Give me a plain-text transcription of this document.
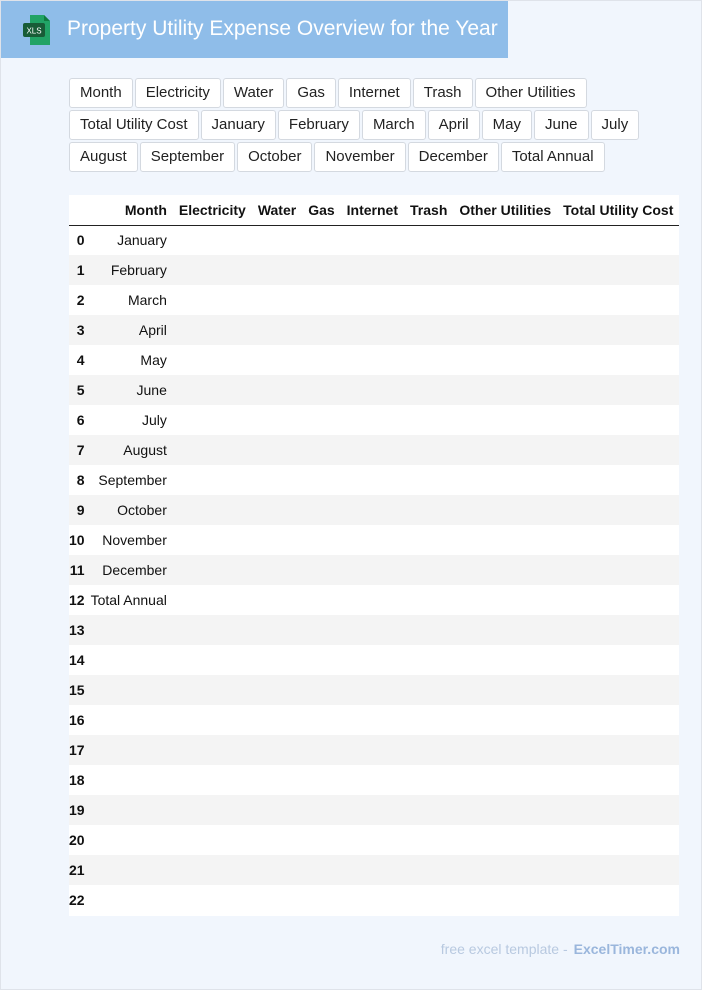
XLS Property Utility Expense Overview for the Year
Month	Electricity	Water	Gas	Internet	Trash	Other Utilities
Total Utility Cost	January	February	March	April	May	June	July
August	September	October	November	December	Total Annual
	Month	Electricity	Water	Gas	Internet	Trash	Other Utilities	Total Utility Cost
0	January							
1	February							
2	March							
3	April							
4	May							
5	June							
6	July							
7	August							
8	September							
9	October							
10	November							
11	December							
12	Total Annual							
13								
14								
15								
16								
17								
18								
19								
20								
21								
22								
free excel template - ExcelTimer.com
